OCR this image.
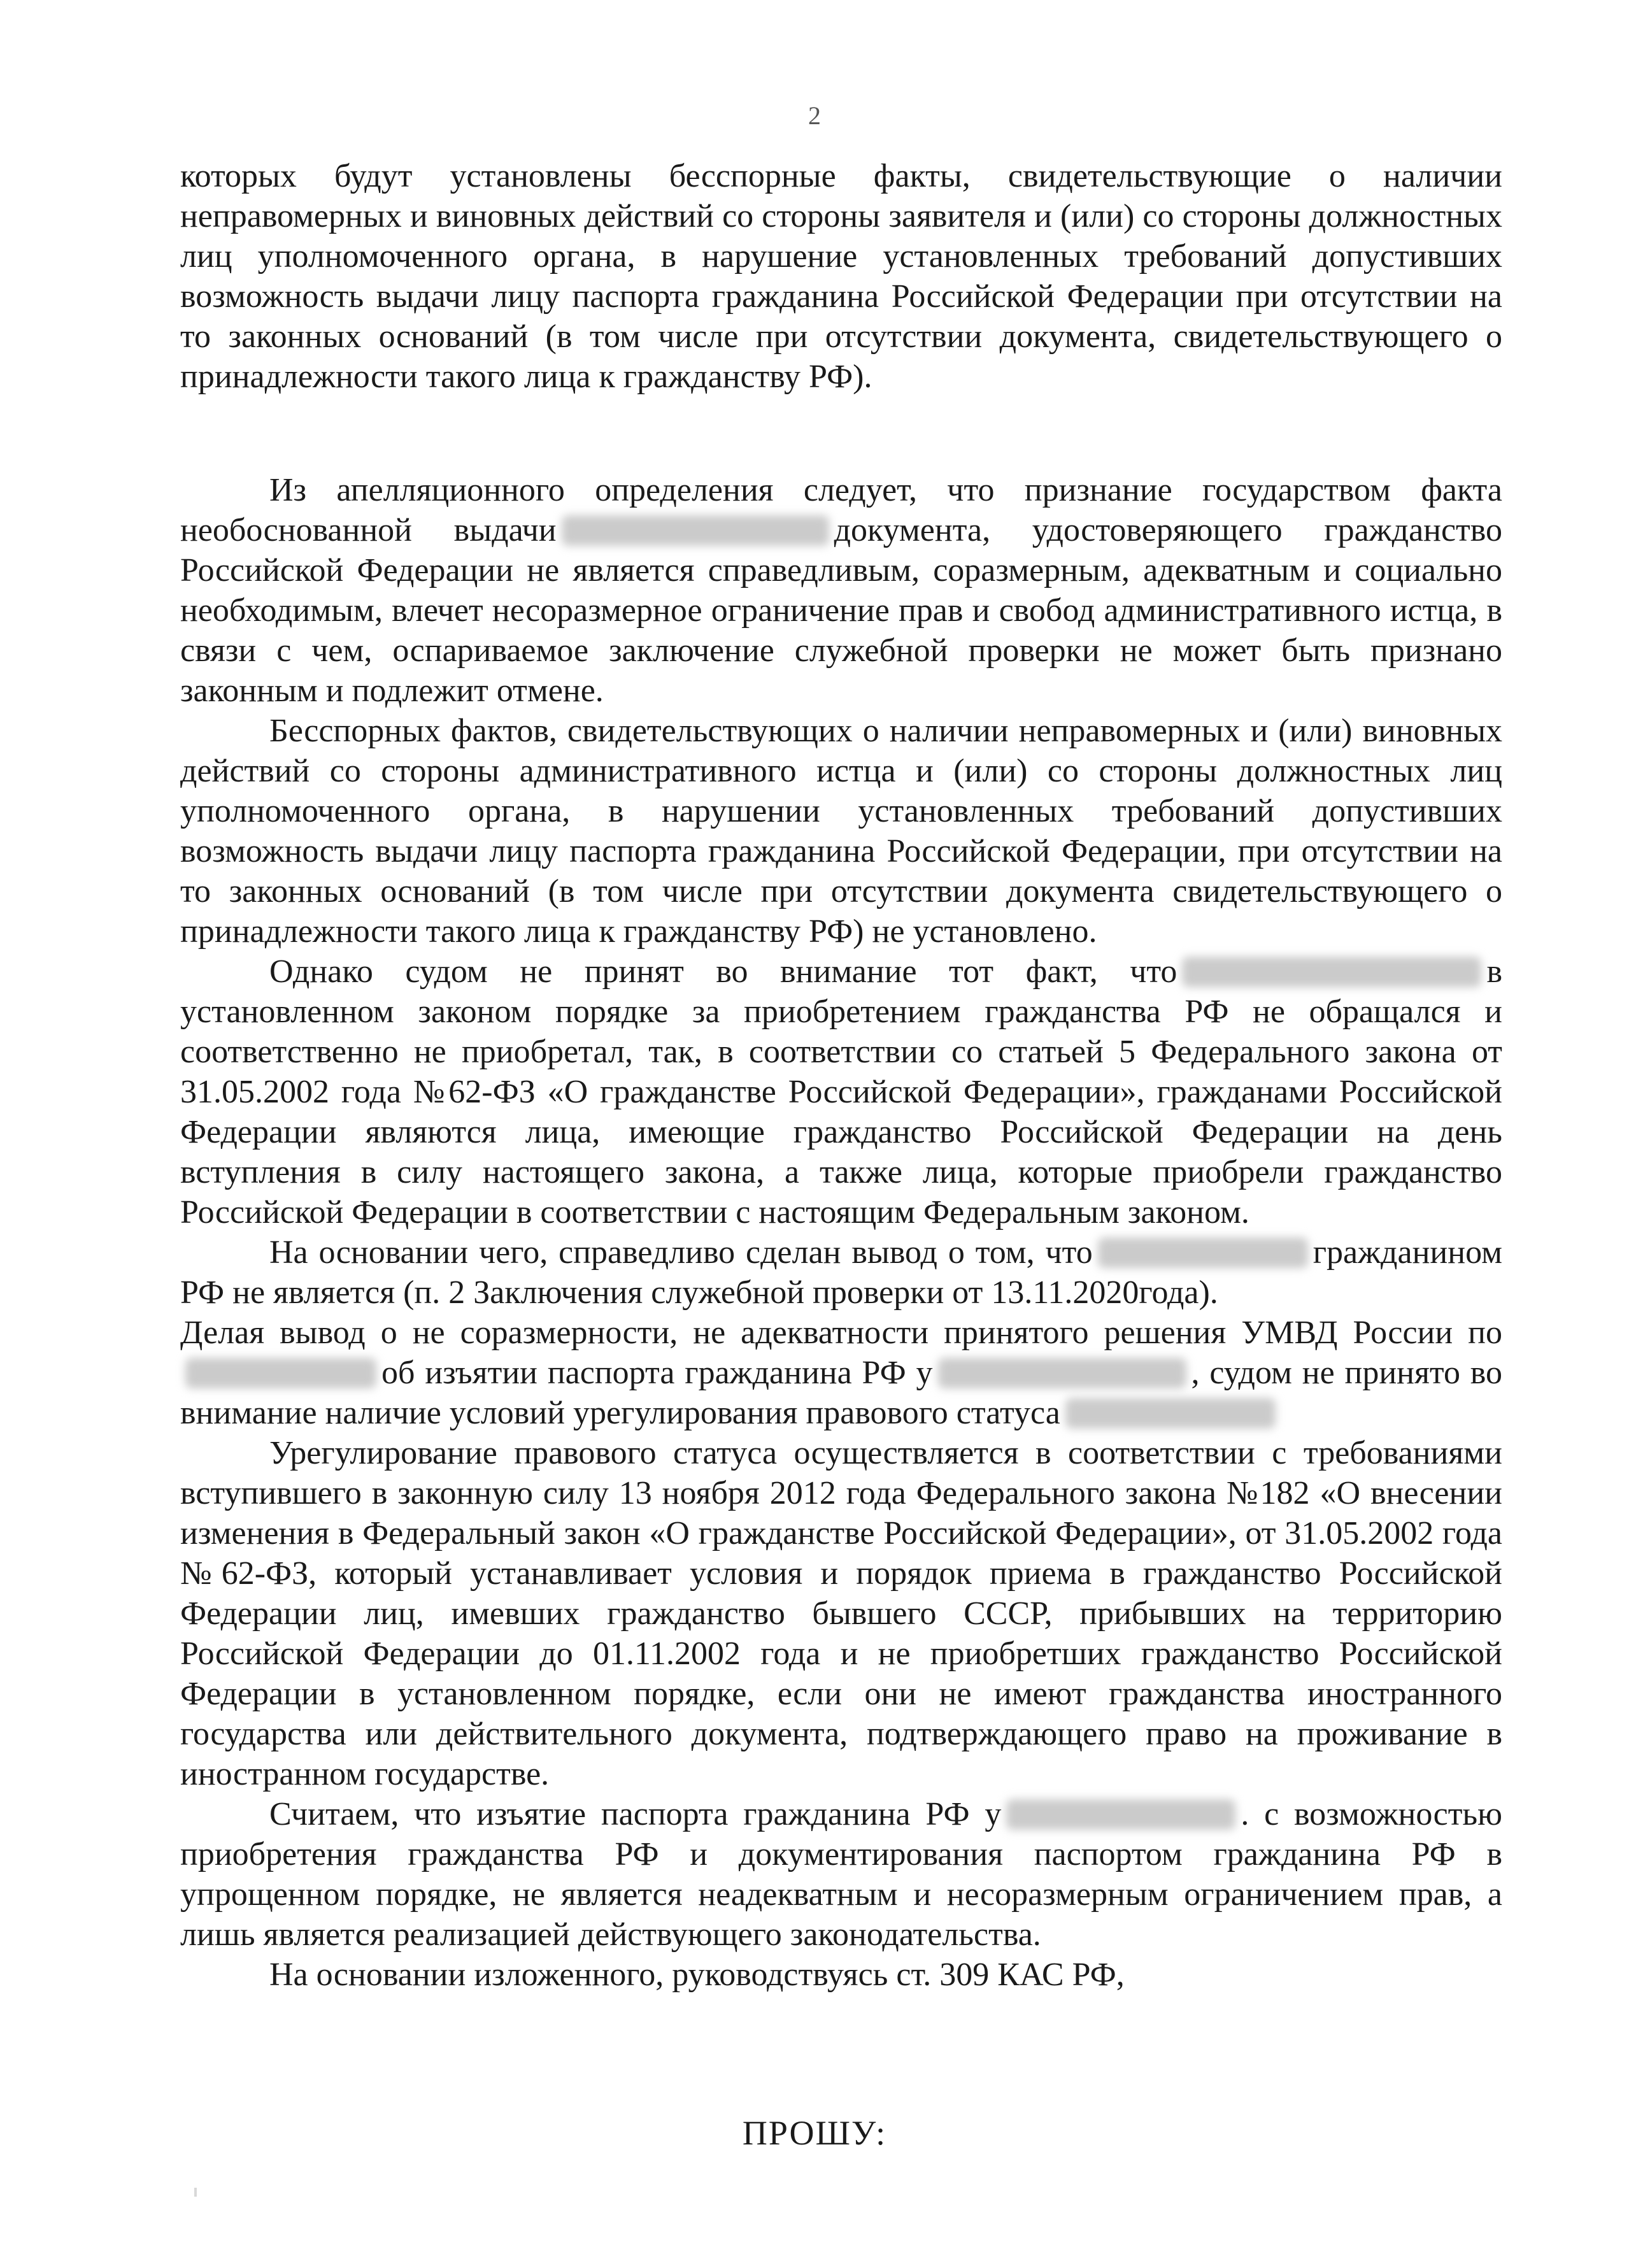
2

которых будут установлены бесспорные факты, свидетельствующие о наличии неправомерных и виновных действий со стороны заявителя и (или) со стороны должностных лиц уполномоченного органа, в нарушение установленных требований допустивших возможность выдачи лицу паспорта гражданина Российской Федерации при отсутствии на то законных оснований (в том числе при отсутствии документа, свидетельствующего о принадлежности такого лица к гражданству РФ).

Из апелляционного определения следует, что признание государством факта необоснованной выдачи	документа, удостоверяющего гражданство Российской Федерации не является справедливым, соразмерным, адекватным и социально необходимым, влечет несоразмерное ограничение прав и свобод административного истца, в связи с чем, оспариваемое заключение служебной проверки не может быть признано законным и подлежит отмене.

Бесспорных фактов, свидетельствующих о наличии неправомерных и (или) виновных действий со стороны административного истца и (или) со стороны должностных лиц уполномоченного органа, в нарушении установленных требований допустивших возможность выдачи лицу паспорта гражданина Российской Федерации, при отсутствии на то законных оснований (в том числе при отсутствии документа свидетельствующего о принадлежности такого лица к гражданству РФ) не установлено.

Однако судом не принят во внимание тот факт, что	в установленном законом порядке за приобретением гражданства РФ не обращался и соответственно не приобретал, так, в соответствии со статьей 5 Федерального закона от 31.05.2002 года №62-ФЗ «О гражданстве Российской Федерации», гражданами Российской Федерации являются лица, имеющие гражданство Российской Федерации на день вступления в силу настоящего закона, а также лица, которые приобрели гражданство Российской Федерации в соответствии с настоящим Федеральным законом.

На основании чего, справедливо сделан вывод о том, что	гражданином РФ не является (п. 2 Заключения служебной проверки от 13.11.2020года).

Делая вывод о не соразмерности, не адекватности принятого решения УМВД России пооб изъятии паспорта гражданина РФ у	, судом не принято во внимание наличие условий урегулирования правового статуса

Урегулирование правового статуса осуществляется в соответствии с требованиями вступившего в законную силу 13 ноября 2012 года Федерального закона №182 «О внесении изменения в Федеральный закон «О гражданстве Российской Федерации», от 31.05.2002 года №62-ФЗ, который устанавливает условия и порядок приема в гражданство Российской Федерации лиц, имевших гражданство бывшего СССР, прибывших на территорию Российской Федерации до 01.11.2002 года и не приобретших гражданство Российской Федерации в установленном порядке, если они не имеют гражданства иностранного государства или действительного документа, подтверждающего право на проживание в иностранном государстве.

Считаем, что изъятие паспорта гражданина РФ у	. с возможностью приобретения гражданства РФ и документирования паспортом гражданина РФ в упрощенном порядке, не является неадекватным и несоразмерным ограничением прав, а лишь является реализацией действующего законодательства.

На основании изложенного, руководствуясь ст. 309 КАС РФ,

ПРОШУ:
